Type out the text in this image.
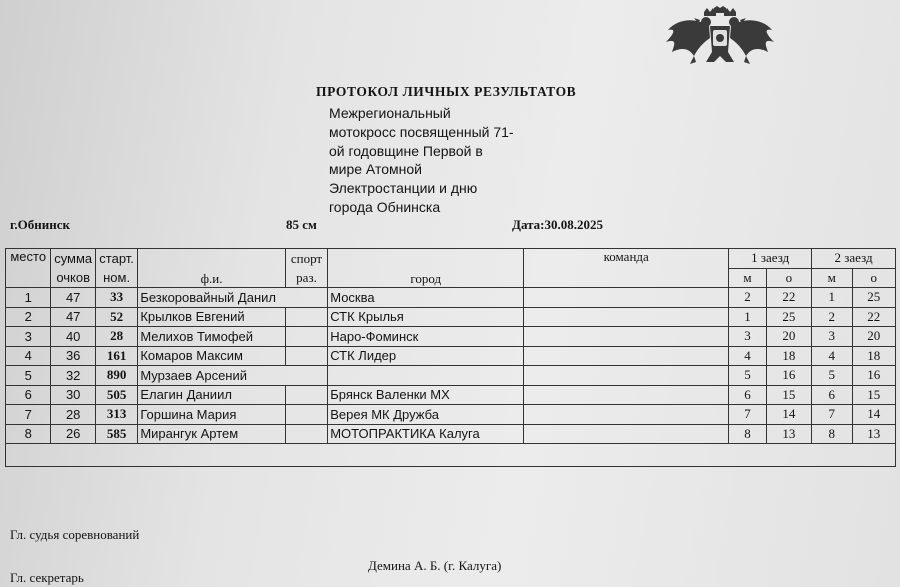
ПРОТОКОЛ ЛИЧНЫХ РЕЗУЛЬТАТОВ
Межрегиональный
мотокросс посвященный 71-
ой годовщине Первой в
мире Атомной
Электростанции и дню
города Обнинска
г.Обнинск	85 см	Дата:30.08.2025
место	сумма	старт.	ф.и.	спорт	город	команда	1 заезд		2 заезд	
	очков	ном.		раз.			м	о	м	о
1	47	33	Безкоровайный Данил		Москва		2	22	1	25
2	47	52	Крылков Евгений		СТК Крылья		1	25	2	22
3	40	28	Мелихов Тимофей		Наро-Фоминск		3	20	3	20
4	36	161	Комаров Максим		СТК Лидер		4	18	4	18
5	32	890	Мурзаев Арсений				5	16	5	16
6	30	505	Елагин Даниил		Брянск Валенки МХ		6	15	6	15
7	28	313	Горшина Мария		Верея МК Дружба		7	14	7	14
8	26	585	Мирангук Артем		МОТОПРАКТИКА Калуга		8	13	8	13

Гл. судья соревнований
Демина А. Б. (г. Калуга)
Гл. секретарь
